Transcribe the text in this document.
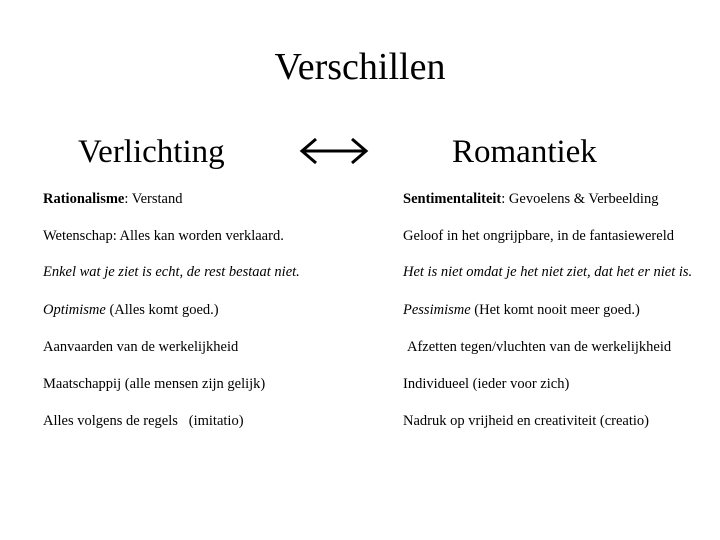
Verschillen
Verlichting	Romantiek
Rationalisme: Verstand	Sentimentaliteit: Gevoelens & Verbeelding
Wetenschap: Alles kan worden verklaard.	Geloof in het ongrijpbare, in de fantasiewereld
Enkel wat je ziet is echt, de rest bestaat niet.	Het is niet omdat je het niet ziet, dat het er niet is.
Optimisme (Alles komt goed.)	Pessimisme (Het komt nooit meer goed.)
Aanvaarden van de werkelijkheid	Afzetten tegen/vluchten van de werkelijkheid
Maatschappij (alle mensen zijn gelijk)	Individueel (ieder voor zich)
Alles volgens de regels   (imitatio)	Nadruk op vrijheid en creativiteit (creatio)
